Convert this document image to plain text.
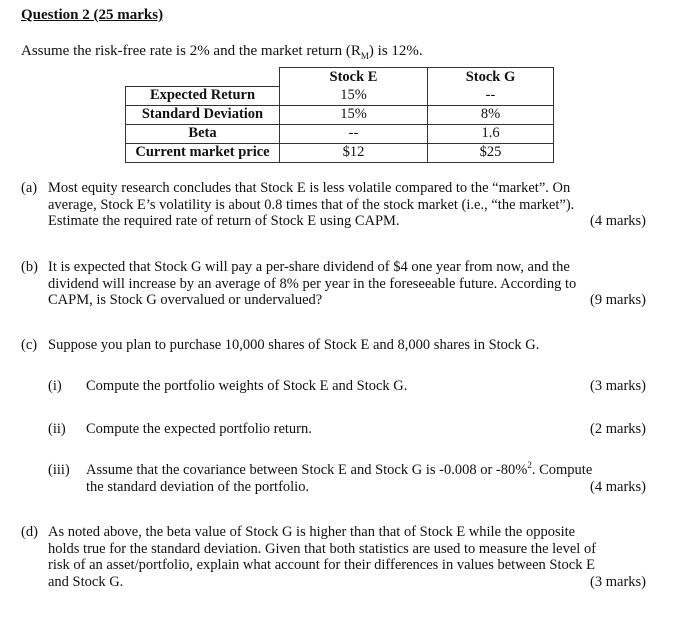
Question 2 (25 marks)
Assume the risk-free rate is 2% and the market return $(R_M)$ is 12%.
	Stock E	Stock G
Expected Return	15%	--
Standard Deviation	15%	8%
Beta	--	1.6
Current market price	$12	$25
(a) Most equity research concludes that Stock E is less volatile compared to the “market”. On
average, Stock E’s volatility is about 0.8 times that of the stock market (i.e., “the market”).
Estimate the required rate of return of Stock E using CAPM.	(4 marks)
(b) It is expected that Stock G will pay a per-share dividend of $4 one year from now, and the
dividend will increase by an average of 8% per year in the foreseeable future. According to
CAPM, is Stock G overvalued or undervalued?	(9 marks)
(c) Suppose you plan to purchase 10,000 shares of Stock E and 8,000 shares in Stock G.
(i) Compute the portfolio weights of Stock E and Stock G.	(3 marks)
(ii) Compute the expected portfolio return.	(2 marks)
(iii) Assume that the covariance between Stock E and Stock G is -0.008 or -80%$^2$. Compute
the standard deviation of the portfolio.	(4 marks)
(d) As noted above, the beta value of Stock G is higher than that of Stock E while the opposite
holds true for the standard deviation. Given that both statistics are used to measure the level of
risk of an asset/portfolio, explain what account for their differences in values between Stock E
and Stock G.	(3 marks)
